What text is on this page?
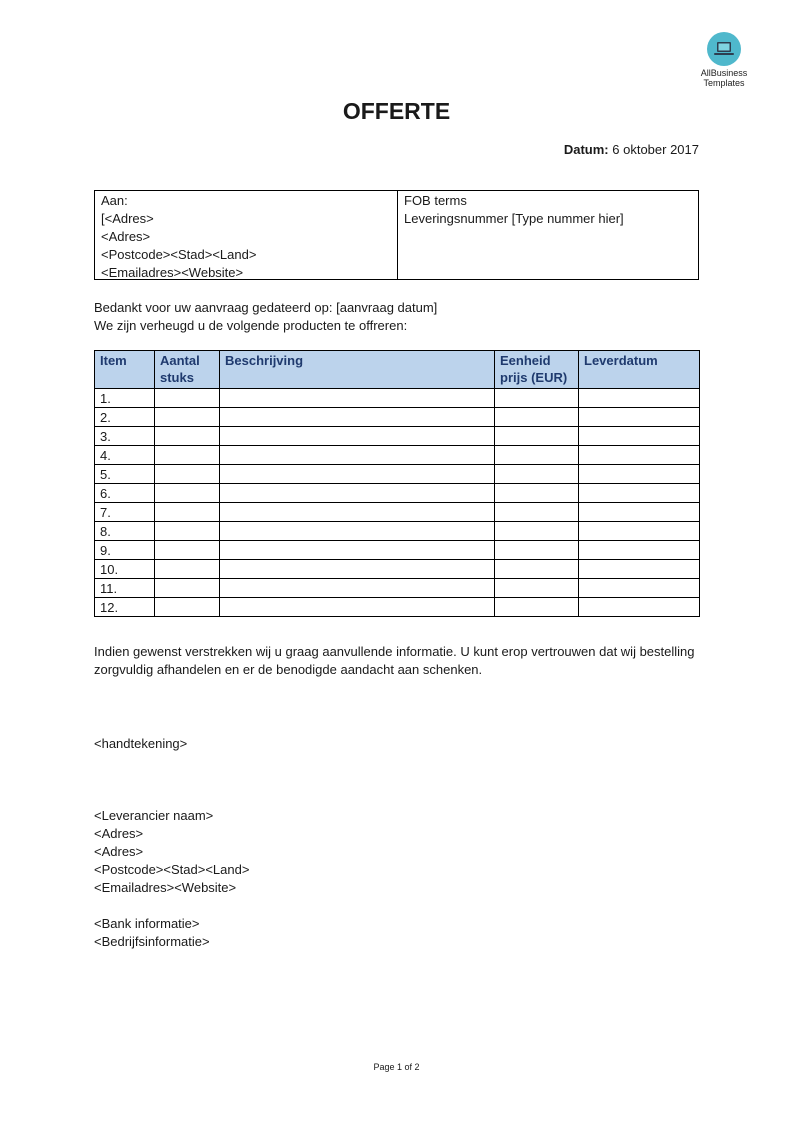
AllBusiness
Templates
OFFERTE
Datum: 6 oktober 2017
Aan:
[<Adres>
<Adres>
<Postcode><Stad><Land>
<Emailadres><Website>
FOB terms
Leveringsnummer [Type nummer hier]
Bedankt voor uw aanvraag gedateerd op: [aanvraag datum]
We zijn verheugd u de volgende producten te offreren:
Item	Aantal stuks	Beschrijving	Eenheid prijs (EUR)	Leverdatum
1.				
2.				
3.				
4.				
5.				
6.				
7.				
8.				
9.				
10.				
11.				
12.				
Indien gewenst verstrekken wij u graag aanvullende informatie. U kunt erop vertrouwen dat wij bestelling zorgvuldig afhandelen en er de benodigde aandacht aan schenken.
<handtekening>
<Leverancier naam>
<Adres>
<Adres>
<Postcode><Stad><Land>
<Emailadres><Website>

<Bank informatie>
<Bedrijfsinformatie>
Page 1 of 2
